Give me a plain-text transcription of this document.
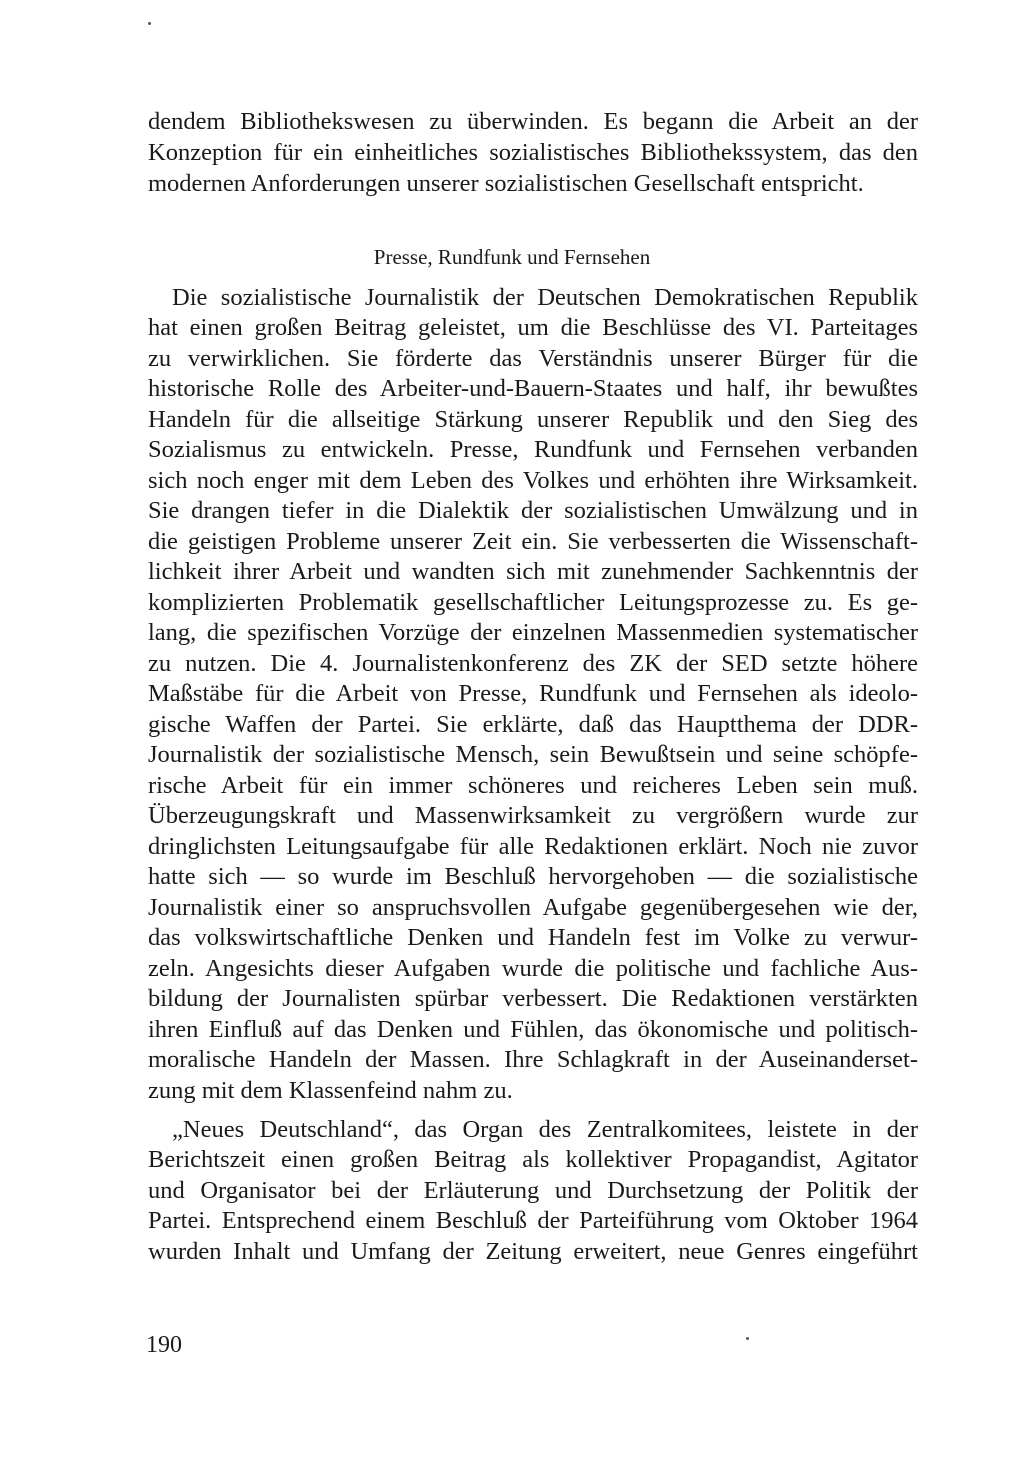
dendem Bibliothekswesen zu überwinden. Es begann die Arbeit an der
Konzeption für ein einheitliches sozialistisches Bibliothekssystem, das den
modernen Anforderungen unserer sozialistischen Gesellschaft entspricht.
Presse, Rundfunk und Fernsehen
Die sozialistische Journalistik der Deutschen Demokratischen Republik
hat einen großen Beitrag geleistet, um die Beschlüsse des VI. Parteitages
zu verwirklichen. Sie förderte das Verständnis unserer Bürger für die
historische Rolle des Arbeiter-und-Bauern-Staates und half, ihr bewußtes
Handeln für die allseitige Stärkung unserer Republik und den Sieg des
Sozialismus zu entwickeln. Presse, Rundfunk und Fernsehen verbanden
sich noch enger mit dem Leben des Volkes und erhöhten ihre Wirksamkeit.
Sie drangen tiefer in die Dialektik der sozialistischen Umwälzung und in
die geistigen Probleme unserer Zeit ein. Sie verbesserten die Wissenschaft-
lichkeit ihrer Arbeit und wandten sich mit zunehmender Sachkenntnis der
komplizierten Problematik gesellschaftlicher Leitungsprozesse zu. Es ge-
lang, die spezifischen Vorzüge der einzelnen Massenmedien systematischer
zu nutzen. Die 4. Journalistenkonferenz des ZK der SED setzte höhere
Maßstäbe für die Arbeit von Presse, Rundfunk und Fernsehen als ideolo-
gische Waffen der Partei. Sie erklärte, daß das Hauptthema der DDR-
Journalistik der sozialistische Mensch, sein Bewußtsein und seine schöpfe-
rische Arbeit für ein immer schöneres und reicheres Leben sein muß.
Überzeugungskraft und Massenwirksamkeit zu vergrößern wurde zur
dringlichsten Leitungsaufgabe für alle Redaktionen erklärt. Noch nie zuvor
hatte sich — so wurde im Beschluß hervorgehoben — die sozialistische
Journalistik einer so anspruchsvollen Aufgabe gegenübergesehen wie der,
das volkswirtschaftliche Denken und Handeln fest im Volke zu verwur-
zeln. Angesichts dieser Aufgaben wurde die politische und fachliche Aus-
bildung der Journalisten spürbar verbessert. Die Redaktionen verstärkten
ihren Einfluß auf das Denken und Fühlen, das ökonomische und politisch-
moralische Handeln der Massen. Ihre Schlagkraft in der Auseinanderset-
zung mit dem Klassenfeind nahm zu.
„Neues Deutschland“, das Organ des Zentralkomitees, leistete in der
Berichtszeit einen großen Beitrag als kollektiver Propagandist, Agitator
und Organisator bei der Erläuterung und Durchsetzung der Politik der
Partei. Entsprechend einem Beschluß der Parteiführung vom Oktober 1964
wurden Inhalt und Umfang der Zeitung erweitert, neue Genres eingeführt
190
